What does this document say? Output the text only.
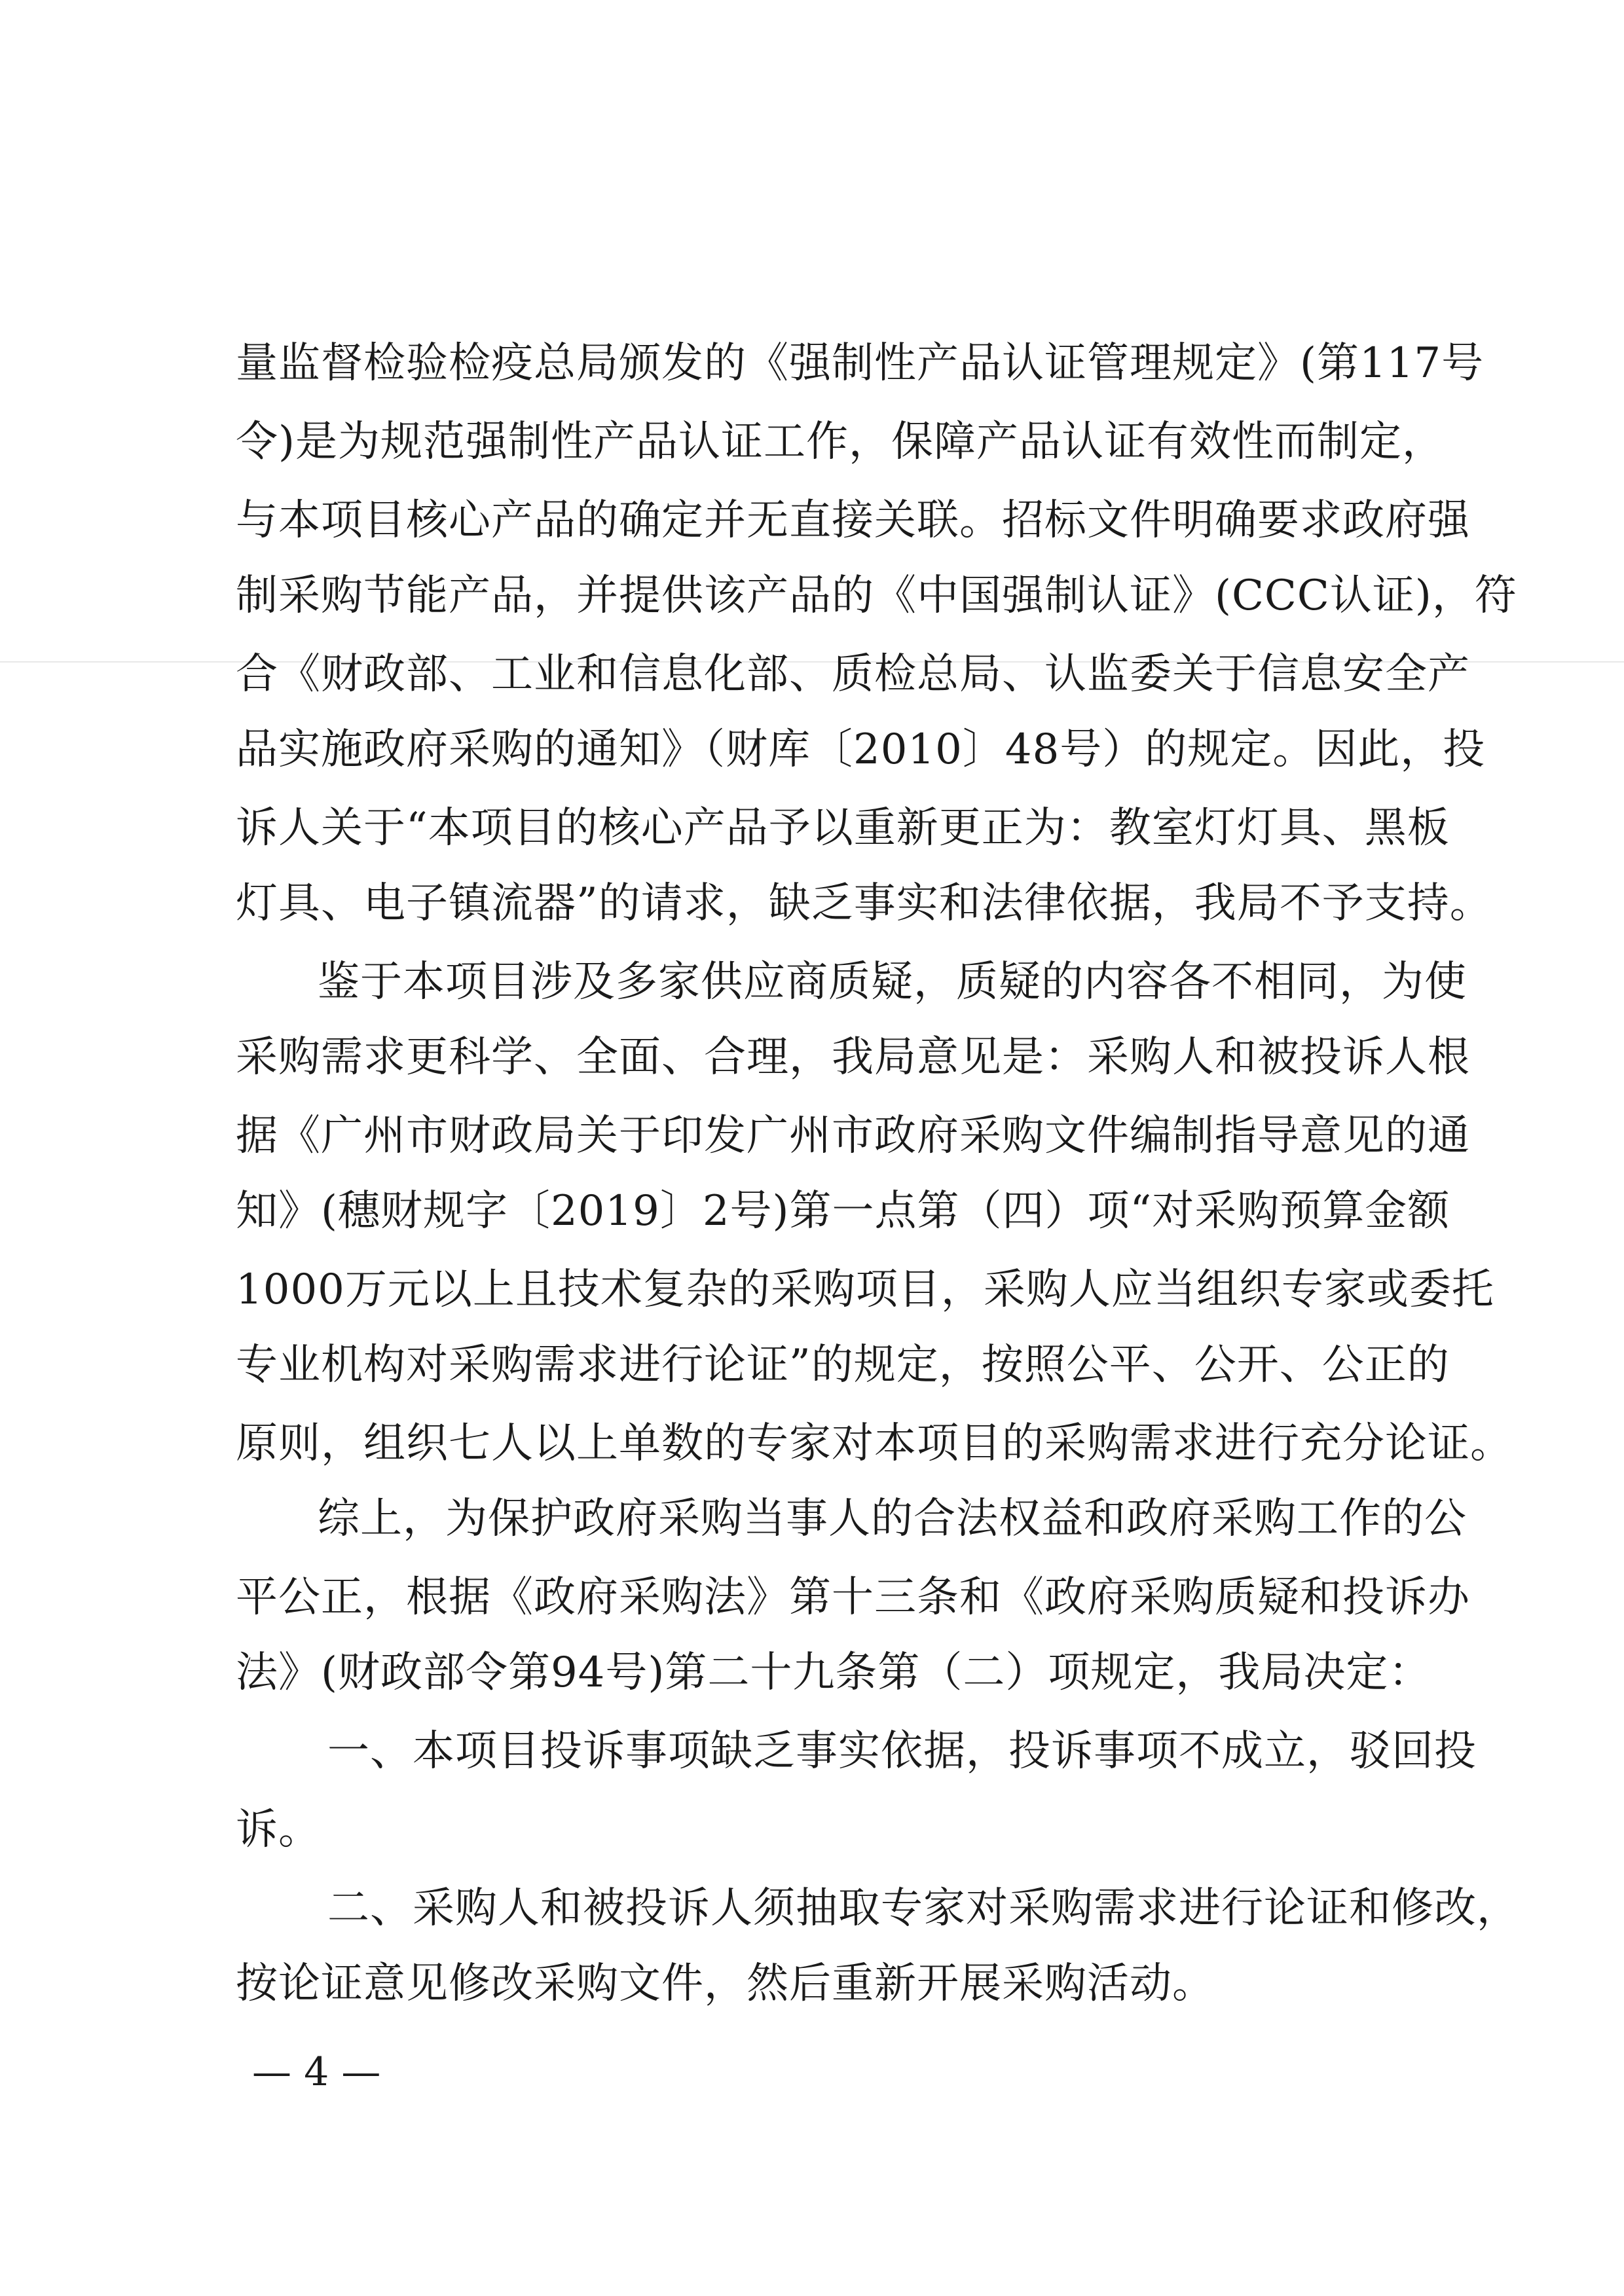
量监督检验检疫总局颁发的《强制性产品认证管理规定》(第117号
令)是为规范强制性产品认证工作，保障产品认证有效性而制定，
与本项目核心产品的确定并无直接关联。招标文件明确要求政府强
制采购节能产品，并提供该产品的《中国强制认证》(CCC认证)，符
合《财政部、工业和信息化部、质检总局、认监委关于信息安全产
品实施政府采购的通知》（财库〔2010〕48号）的规定。因此，投
诉人关于“本项目的核心产品予以重新更正为：教室灯灯具、黑板
灯具、电子镇流器”的请求，缺乏事实和法律依据，我局不予支持。
鉴于本项目涉及多家供应商质疑，质疑的内容各不相同，为使
采购需求更科学、全面、合理，我局意见是：采购人和被投诉人根
据《广州市财政局关于印发广州市政府采购文件编制指导意见的通
知》(穗财规字〔2019〕2号)第一点第（四）项“对采购预算金额
1000万元以上且技术复杂的采购项目，采购人应当组织专家或委托
专业机构对采购需求进行论证”的规定，按照公平、公开、公正的
原则，组织七人以上单数的专家对本项目的采购需求进行充分论证。
综上，为保护政府采购当事人的合法权益和政府采购工作的公
平公正，根据《政府采购法》第十三条和《政府采购质疑和投诉办
法》(财政部令第94号)第二十九条第（二）项规定，我局决定：
一、本项目投诉事项缺乏事实依据，投诉事项不成立，驳回投
诉。
二、采购人和被投诉人须抽取专家对采购需求进行论证和修改，
按论证意见修改采购文件，然后重新开展采购活动。
— 4 —
